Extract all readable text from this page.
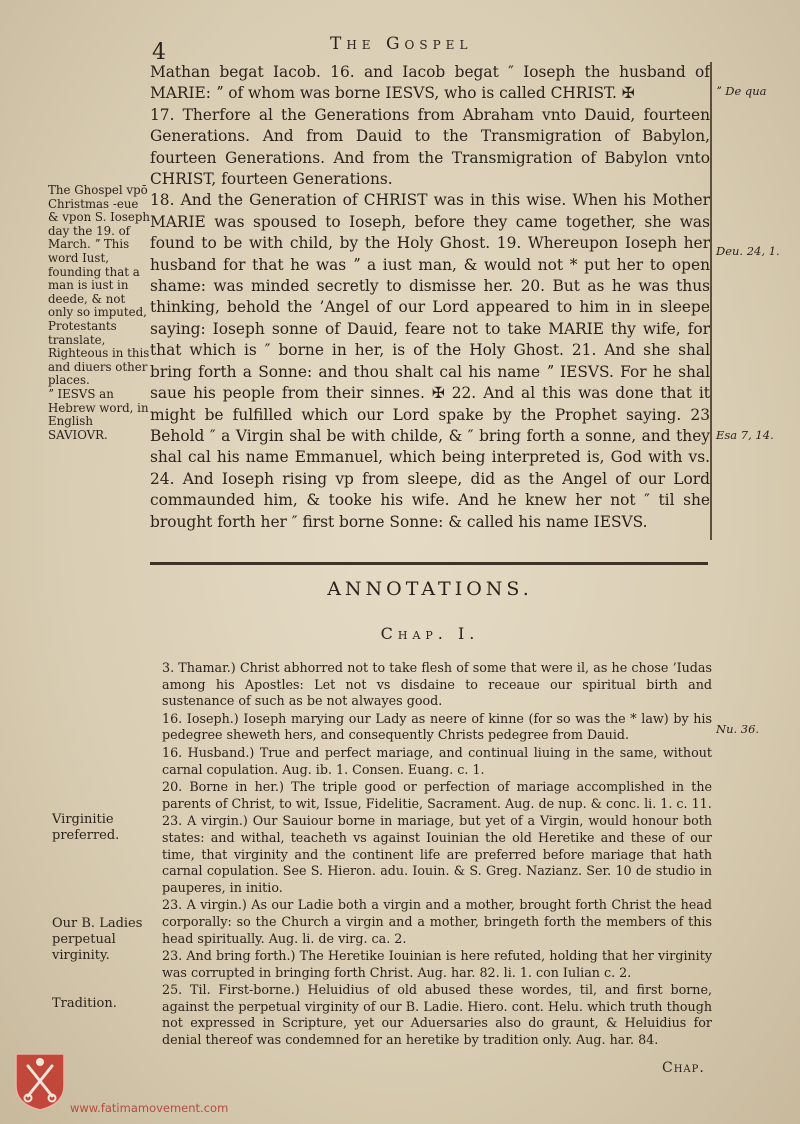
4	The Gospel

Mathan begat Iacob. 16. and Iacob begat ″ Ioseph the husband of MARIE: ˮ of whom was borne IESVS, who is called CHRIST. ✠

17. Therfore al the Generations from Abraham vnto Dauid, fourteen Generations. And from Dauid to the Transmigration of Babylon, fourteen Generations. And from the Transmigration of Babylon vnto CHRIST, fourteen Generations.

18. And the Generation of CHRIST was in this wise. When his Mother MARIE was spoused to Ioseph, before they came together, she was found to be with child, by the Holy Ghost. 19. Whereupon Ioseph her husband for that he was ˮ a iust man, & would not * put her to open shame: was minded secretly to dismisse her. 20. But as he was thus thinking, behold the ’Angel of our Lord appeared to him in in sleepe saying: Ioseph sonne of Dauid, feare not to take MARIE thy wife, for that which is ″ borne in her, is of the Holy Ghost. 21. And she shal bring forth a Sonne: and thou shalt cal his name ˮ IESVS. For he shal saue his people from their sinnes. ✠ 22. And al this was done that it might be fulfilled which our Lord spake by the Prophet saying. 23 Behold ″ a Virgin shal be with childe, & ″ bring forth a sonne, and they shal cal his name Emmanuel, which being interpreted is, God with vs. 24. And Ioseph rising vp from sleepe, did as the Angel of our Lord commaunded him, & tooke his wife. And he knew her not ″ til she brought forth her ″ first borne Sonne: & called his name IESVS.

The Ghospel vpō Christmas -eue & vpon S. Ioseph day the 19. of March. ˮ This word Iust, founding that a man is iust in deede, & not only so imputed, Protestants translate, Righteous in this and diuers other places.
ˮ IESVS an Hebrew word, in English SAVIOVR.
ˮ De qua
Deu. 24, 1.
Esa 7, 14.
Nu. 36.
ANNOTATIONS.
Chap. I.

3. Thamar.) Christ abhorred not to take flesh of some that were il, as he chose ’Iudas among his Apostles: Let not vs disdaine to receaue our spiritual birth and sustenance of such as be not alwayes good.

16. Ioseph.) Ioseph marying our Lady as neere of kinne (for so was the * law) by his pedegree sheweth hers, and consequently Christs pedegree from Dauid.

16. Husband.) True and perfect mariage, and continual liuing in the same, without carnal copulation. Aug. ib. 1. Consen. Euang. c. 1.

20. Borne in her.) The triple good or perfection of mariage accomplished in the parents of Christ, to wit, Issue, Fidelitie, Sacrament. Aug. de nup. & conc. li. 1. c. 11.

23. A virgin.) Our Sauiour borne in mariage, but yet of a Virgin, would honour both states: and withal, teacheth vs against Iouinian the old Heretike and these of our time, that virginity and the continent life are preferred before mariage that hath carnal copulation. See S. Hieron. adu. Iouin. & S. Greg. Nazianz. Ser. 10 de studio in pauperes, in initio.

23. A virgin.) As our Ladie both a virgin and a mother, brought forth Christ the head corporally: so the Church a virgin and a mother, bringeth forth the members of this head spiritually. Aug. li. de virg. ca. 2.

23. And bring forth.) The Heretike Iouinian is here refuted, holding that her virginity was corrupted in bringing forth Christ. Aug. har. 82. li. 1. con Iulian c. 2.

25. Til. First-borne.) Heluidius of old abused these wordes, til, and first borne, against the perpetual virginity of our B. Ladie. Hiero. cont. Helu. which truth though not expressed in Scripture, yet our Aduersaries also do graunt, & Heluidius for denial thereof was condemned for an heretike by tradition only. Aug. har. 84.

Virginitie preferred.
Our B. Ladies perpetual virginity.
Tradition.
Chap.
www.fatimamovement.com
